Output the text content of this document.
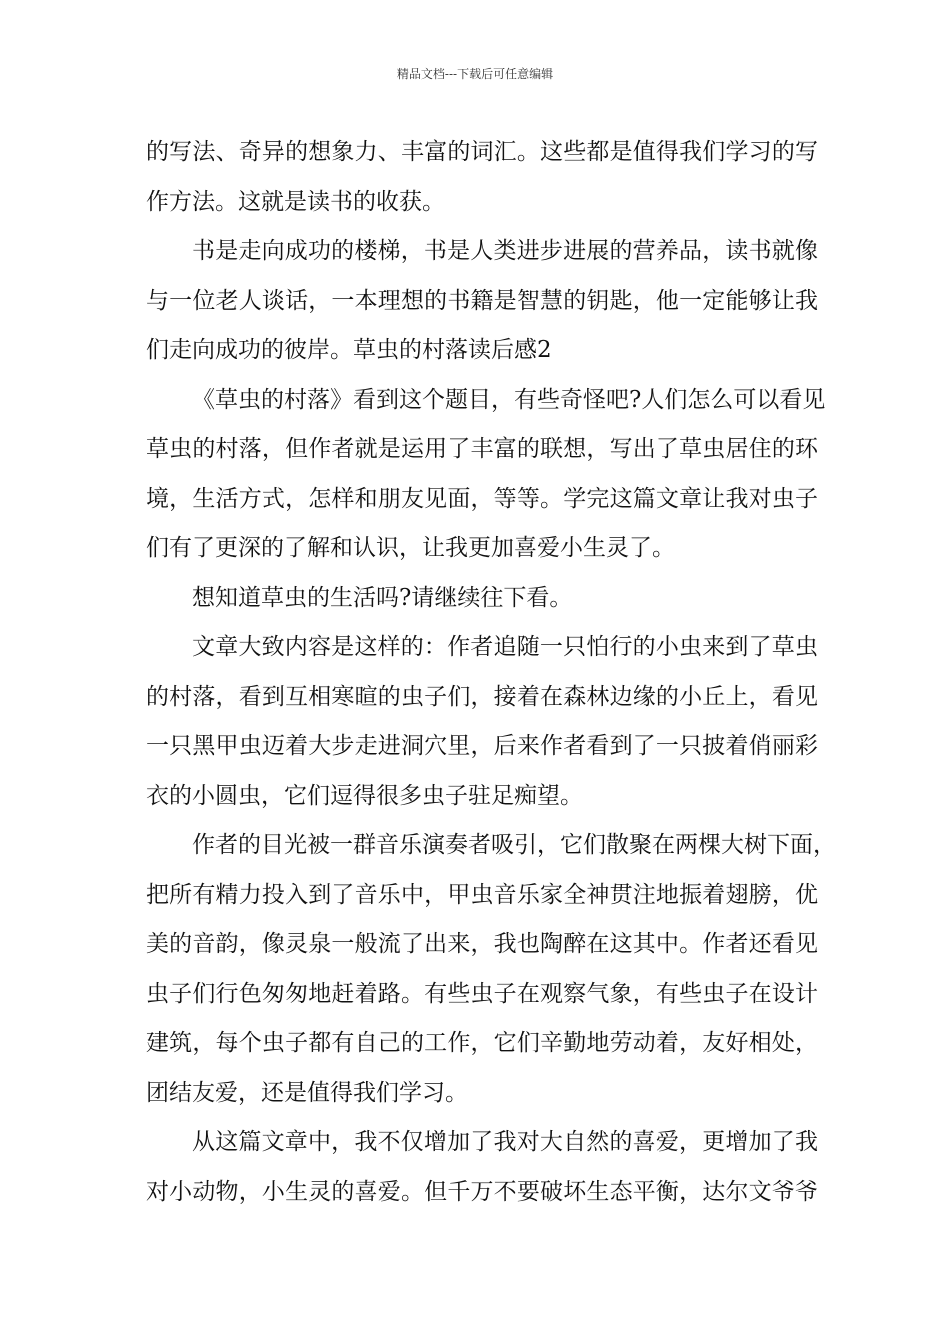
精品文档---下载后可任意编辑
的写法、奇异的想象力、丰富的词汇。这些都是值得我们学习的写
作方法。这就是读书的收获。
书是走向成功的楼梯，书是人类进步进展的营养品，读书就像
与一位老人谈话，一本理想的书籍是智慧的钥匙，他一定能够让我
们走向成功的彼岸。草虫的村落读后感2
《草虫的村落》看到这个题目，有些奇怪吧?人们怎么可以看见
草虫的村落，但作者就是运用了丰富的联想，写出了草虫居住的环
境，生活方式，怎样和朋友见面，等等。学完这篇文章让我对虫子
们有了更深的了解和认识，让我更加喜爱小生灵了。
想知道草虫的生活吗?请继续往下看。
文章大致内容是这样的：作者追随一只怕行的小虫来到了草虫
的村落，看到互相寒暄的虫子们，接着在森林边缘的小丘上，看见
一只黑甲虫迈着大步走进洞穴里，后来作者看到了一只披着俏丽彩
衣的小圆虫，它们逗得很多虫子驻足痴望。
作者的目光被一群音乐演奏者吸引，它们散聚在两棵大树下面，
把所有精力投入到了音乐中，甲虫音乐家全神贯注地振着翅膀，优
美的音韵，像灵泉一般流了出来，我也陶醉在这其中。作者还看见
虫子们行色匆匆地赶着路。有些虫子在观察气象，有些虫子在设计
建筑，每个虫子都有自己的工作，它们辛勤地劳动着，友好相处，
团结友爱，还是值得我们学习。
从这篇文章中，我不仅增加了我对大自然的喜爱，更增加了我
对小动物，小生灵的喜爱。但千万不要破坏生态平衡，达尔文爷爷
